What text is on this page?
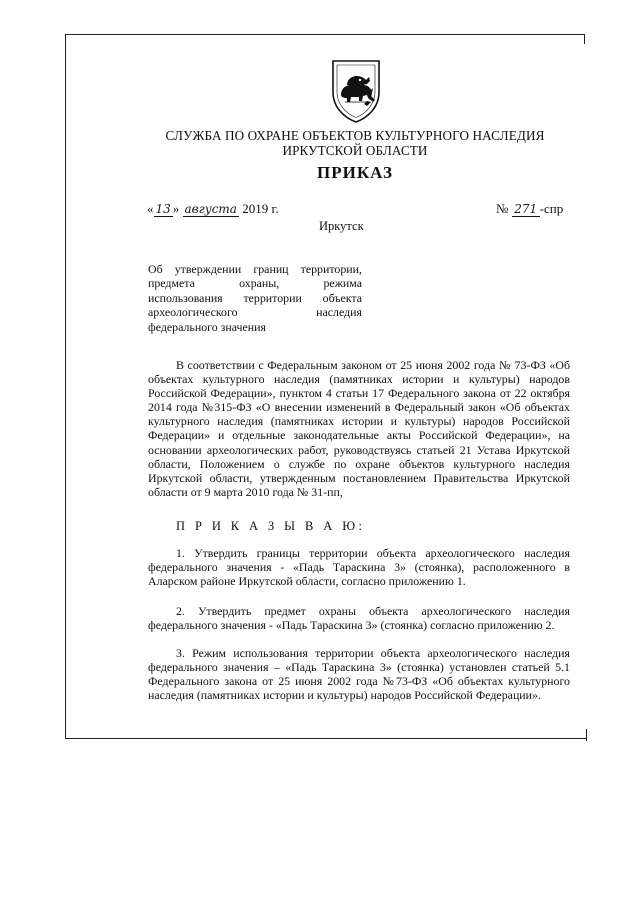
СЛУЖБА ПО ОХРАНЕ ОБЪЕКТОВ КУЛЬТУРНОГО НАСЛЕДИЯ
ИРКУТСКОЙ ОБЛАСТИ
ПРИКАЗ
« 13 » августа 2019 г.	№ 271 -спр
Иркутск
Об утверждении границ территории,
предмета охраны, режима
использования территории объекта
археологического наследия
федерального значения
В соответствии с Федеральным законом от 25 июня 2002 года № 73-ФЗ «Об объектах культурного наследия (памятниках истории и культуры) народов Российской Федерации», пунктом 4 статьи 17 Федерального закона от 22 октября 2014 года №315-ФЗ «О внесении изменений в Федеральный закон «Об объектах культурного наследия (памятниках истории и культуры) народов Российской Федерации» и отдельные законодательные акты Российской Федерации», на основании археологических работ, руководствуясь статьей 21 Устава Иркутской области, Положением о службе по охране объектов культурного наследия Иркутской области, утвержденным постановлением Правительства Иркутской области от 9 марта 2010 года № 31-пп,
П Р И К А З Ы В А Ю:
1. Утвердить границы территории объекта археологического наследия федерального значения - «Падь Тараскина 3» (стоянка), расположенного в Аларском районе Иркутской области, согласно приложению 1.
2. Утвердить предмет охраны объекта археологического наследия федерального значения - «Падь Тараскина 3» (стоянка) согласно приложению 2.
3. Режим использования территории объекта археологического наследия федерального значения – «Падь Тараскина 3» (стоянка) установлен статьей 5.1 Федерального закона от 25 июня 2002 года №73-ФЗ «Об объектах культурного наследия (памятниках истории и культуры) народов Российской Федерации».
